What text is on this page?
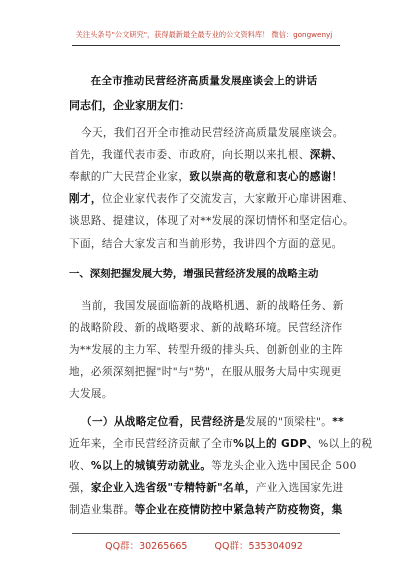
关注头条号"公文研究"，获得最新最全最专业的公文资料库！ 微信：gongwenyj
在全市推动民营经济高质量发展座谈会上的讲话
同志们，企业家朋友们：
今天，我们召开全市推动民营经济高质量发展座谈会。
首先，我谨代表市委、市政府，向长期以来扎根、深耕、
奉献的广大民营企业家，致以崇高的敬意和衷心的感谢！
刚才，位企业家代表作了交流发言，大家敞开心扉讲困难、
谈思路、提建议，体现了对**发展的深切情怀和坚定信心。
一、深刻把握发展大势，增强民营经济发展的战略主动
下面，结合大家发言和当前形势，我讲四个方面的意见。
当前，我国发展面临新的战略机遇、新的战略任务、新
的战略阶段、新的战略要求、新的战略环境。民营经济作
为**发展的主力军、转型升级的排头兵、创新创业的主阵
地，必须深刻把握"时"与"势"，在服从服务大局中实现更
大发展。
（一）从战略定位看，民营经济是发展的"顶梁柱"。**
近年来，全市民营经济贡献了全市%以上的 GDP、%以上的税
收、%以上的城镇劳动就业。等龙头企业入选中国民企 500
强，家企业入选省级"专精特新"名单，产业入选国家先进
制造业集群。等企业在疫情防控中紧急转产防疫物资，集
QQ群：30265665	QQ群：535304092
